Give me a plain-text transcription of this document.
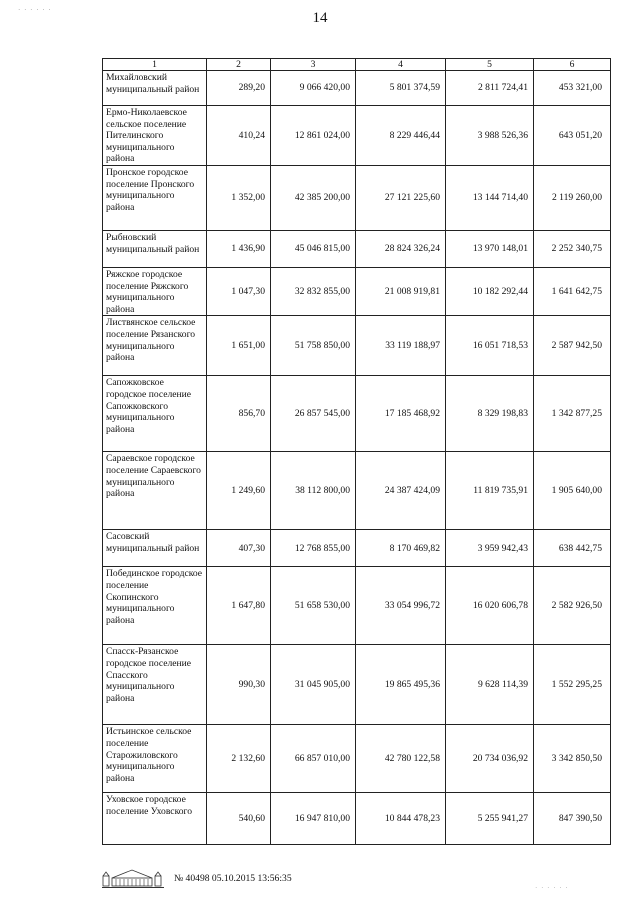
· · · · · ·	14
1	2	3	4	5	6
Михайловский муниципальный район	289,20	9 066 420,00	5 801 374,59	2 811 724,41	453 321,00
Ермо-Николаевское сельское поселение Пителинского муниципального района	410,24	12 861 024,00	8 229 446,44	3 988 526,36	643 051,20
Пронское городское поселение Пронского муниципального района	1 352,00	42 385 200,00	27 121 225,60	13 144 714,40	2 119 260,00
Рыбновский муниципальный район	1 436,90	45 046 815,00	28 824 326,24	13 970 148,01	2 252 340,75
Ряжское городское поселение Ряжского муниципального района	1 047,30	32 832 855,00	21 008 919,81	10 182 292,44	1 641 642,75
Листвянское сельское поселение Рязанского муниципального района	1 651,00	51 758 850,00	33 119 188,97	16 051 718,53	2 587 942,50
Сапожковское городское поселение Сапожковского муниципального района	856,70	26 857 545,00	17 185 468,92	8 329 198,83	1 342 877,25
Сараевское городское поселение Сараевского муниципального района	1 249,60	38 112 800,00	24 387 424,09	11 819 735,91	1 905 640,00
Сасовский муниципальный район	407,30	12 768 855,00	8 170 469,82	3 959 942,43	638 442,75
Побединское городское поселение Скопинского муниципального района	1 647,80	51 658 530,00	33 054 996,72	16 020 606,78	2 582 926,50
Спасск-Рязанское городское поселение Спасского муниципального района	990,30	31 045 905,00	19 865 495,36	9 628 114,39	1 552 295,25
Истьинское сельское поселение Старожиловского муниципального района	2 132,60	66 857 010,00	42 780 122,58	20 734 036,92	3 342 850,50
Уховское городское поселение Уховского	540,60	16 947 810,00	10 844 478,23	5 255 941,27	847 390,50
№ 40498 05.10.2015 13:56:35
· · · · · ·
